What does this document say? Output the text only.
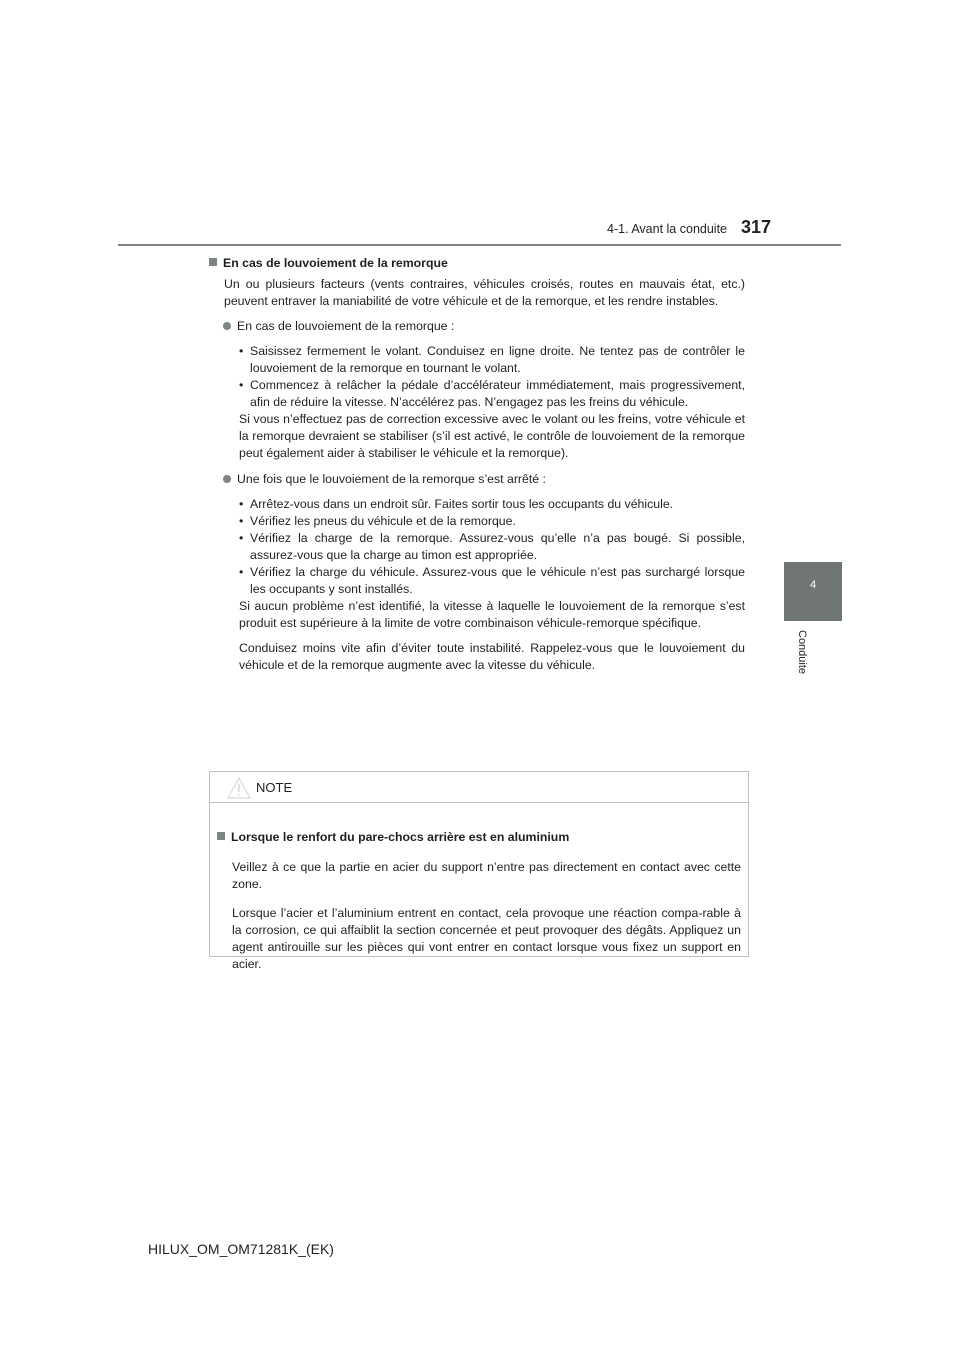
4-1. Avant la conduite 317
4
Conduite

En cas de louvoiement de la remorque

Un ou plusieurs facteurs (vents contraires, véhicules croisés, routes en mauvais état, etc.) peuvent entraver la maniabilité de votre véhicule et de la remorque, et les rendre instables.

En cas de louvoiement de la remorque :
• Saisissez fermement le volant. Conduisez en ligne droite. Ne tentez pas de contrôler le louvoiement de la remorque en tournant le volant.
• Commencez à relâcher la pédale d’accélérateur immédiatement, mais progressivement, afin de réduire la vitesse. N’accélérez pas. N’engagez pas les freins du véhicule.

Si vous n’effectuez pas de correction excessive avec le volant ou les freins, votre véhicule et la remorque devraient se stabiliser (s’il est activé, le contrôle de louvoiement de la remorque peut également aider à stabiliser le véhicule et la remorque).

Une fois que le louvoiement de la remorque s’est arrêté :
• Arrêtez-vous dans un endroit sûr. Faites sortir tous les occupants du véhicule.
• Vérifiez les pneus du véhicule et de la remorque.
• Vérifiez la charge de la remorque. Assurez-vous qu’elle n’a pas bougé. Si possible, assurez-vous que la charge au timon est appropriée.
• Vérifiez la charge du véhicule. Assurez-vous que le véhicule n’est pas surchargé lorsque les occupants y sont installés.

Si aucun problème n’est identifié, la vitesse à laquelle le louvoiement de la remorque s’est produit est supérieure à la limite de votre combinaison véhicule-remorque spécifique.

Conduisez moins vite afin d’éviter toute instabilité. Rappelez-vous que le louvoiement du véhicule et de la remorque augmente avec la vitesse du véhicule.

NOTE

Lorsque le renfort du pare-chocs arrière est en aluminium

Veillez à ce que la partie en acier du support n’entre pas directement en contact avec cette zone.

Lorsque l’acier et l’aluminium entrent en contact, cela provoque une réaction compa-rable à la corrosion, ce qui affaiblit la section concernée et peut provoquer des dégâts. Appliquez un agent antirouille sur les pièces qui vont entrer en contact lorsque vous fixez un support en acier.

HILUX_OM_OM71281K_(EK)
